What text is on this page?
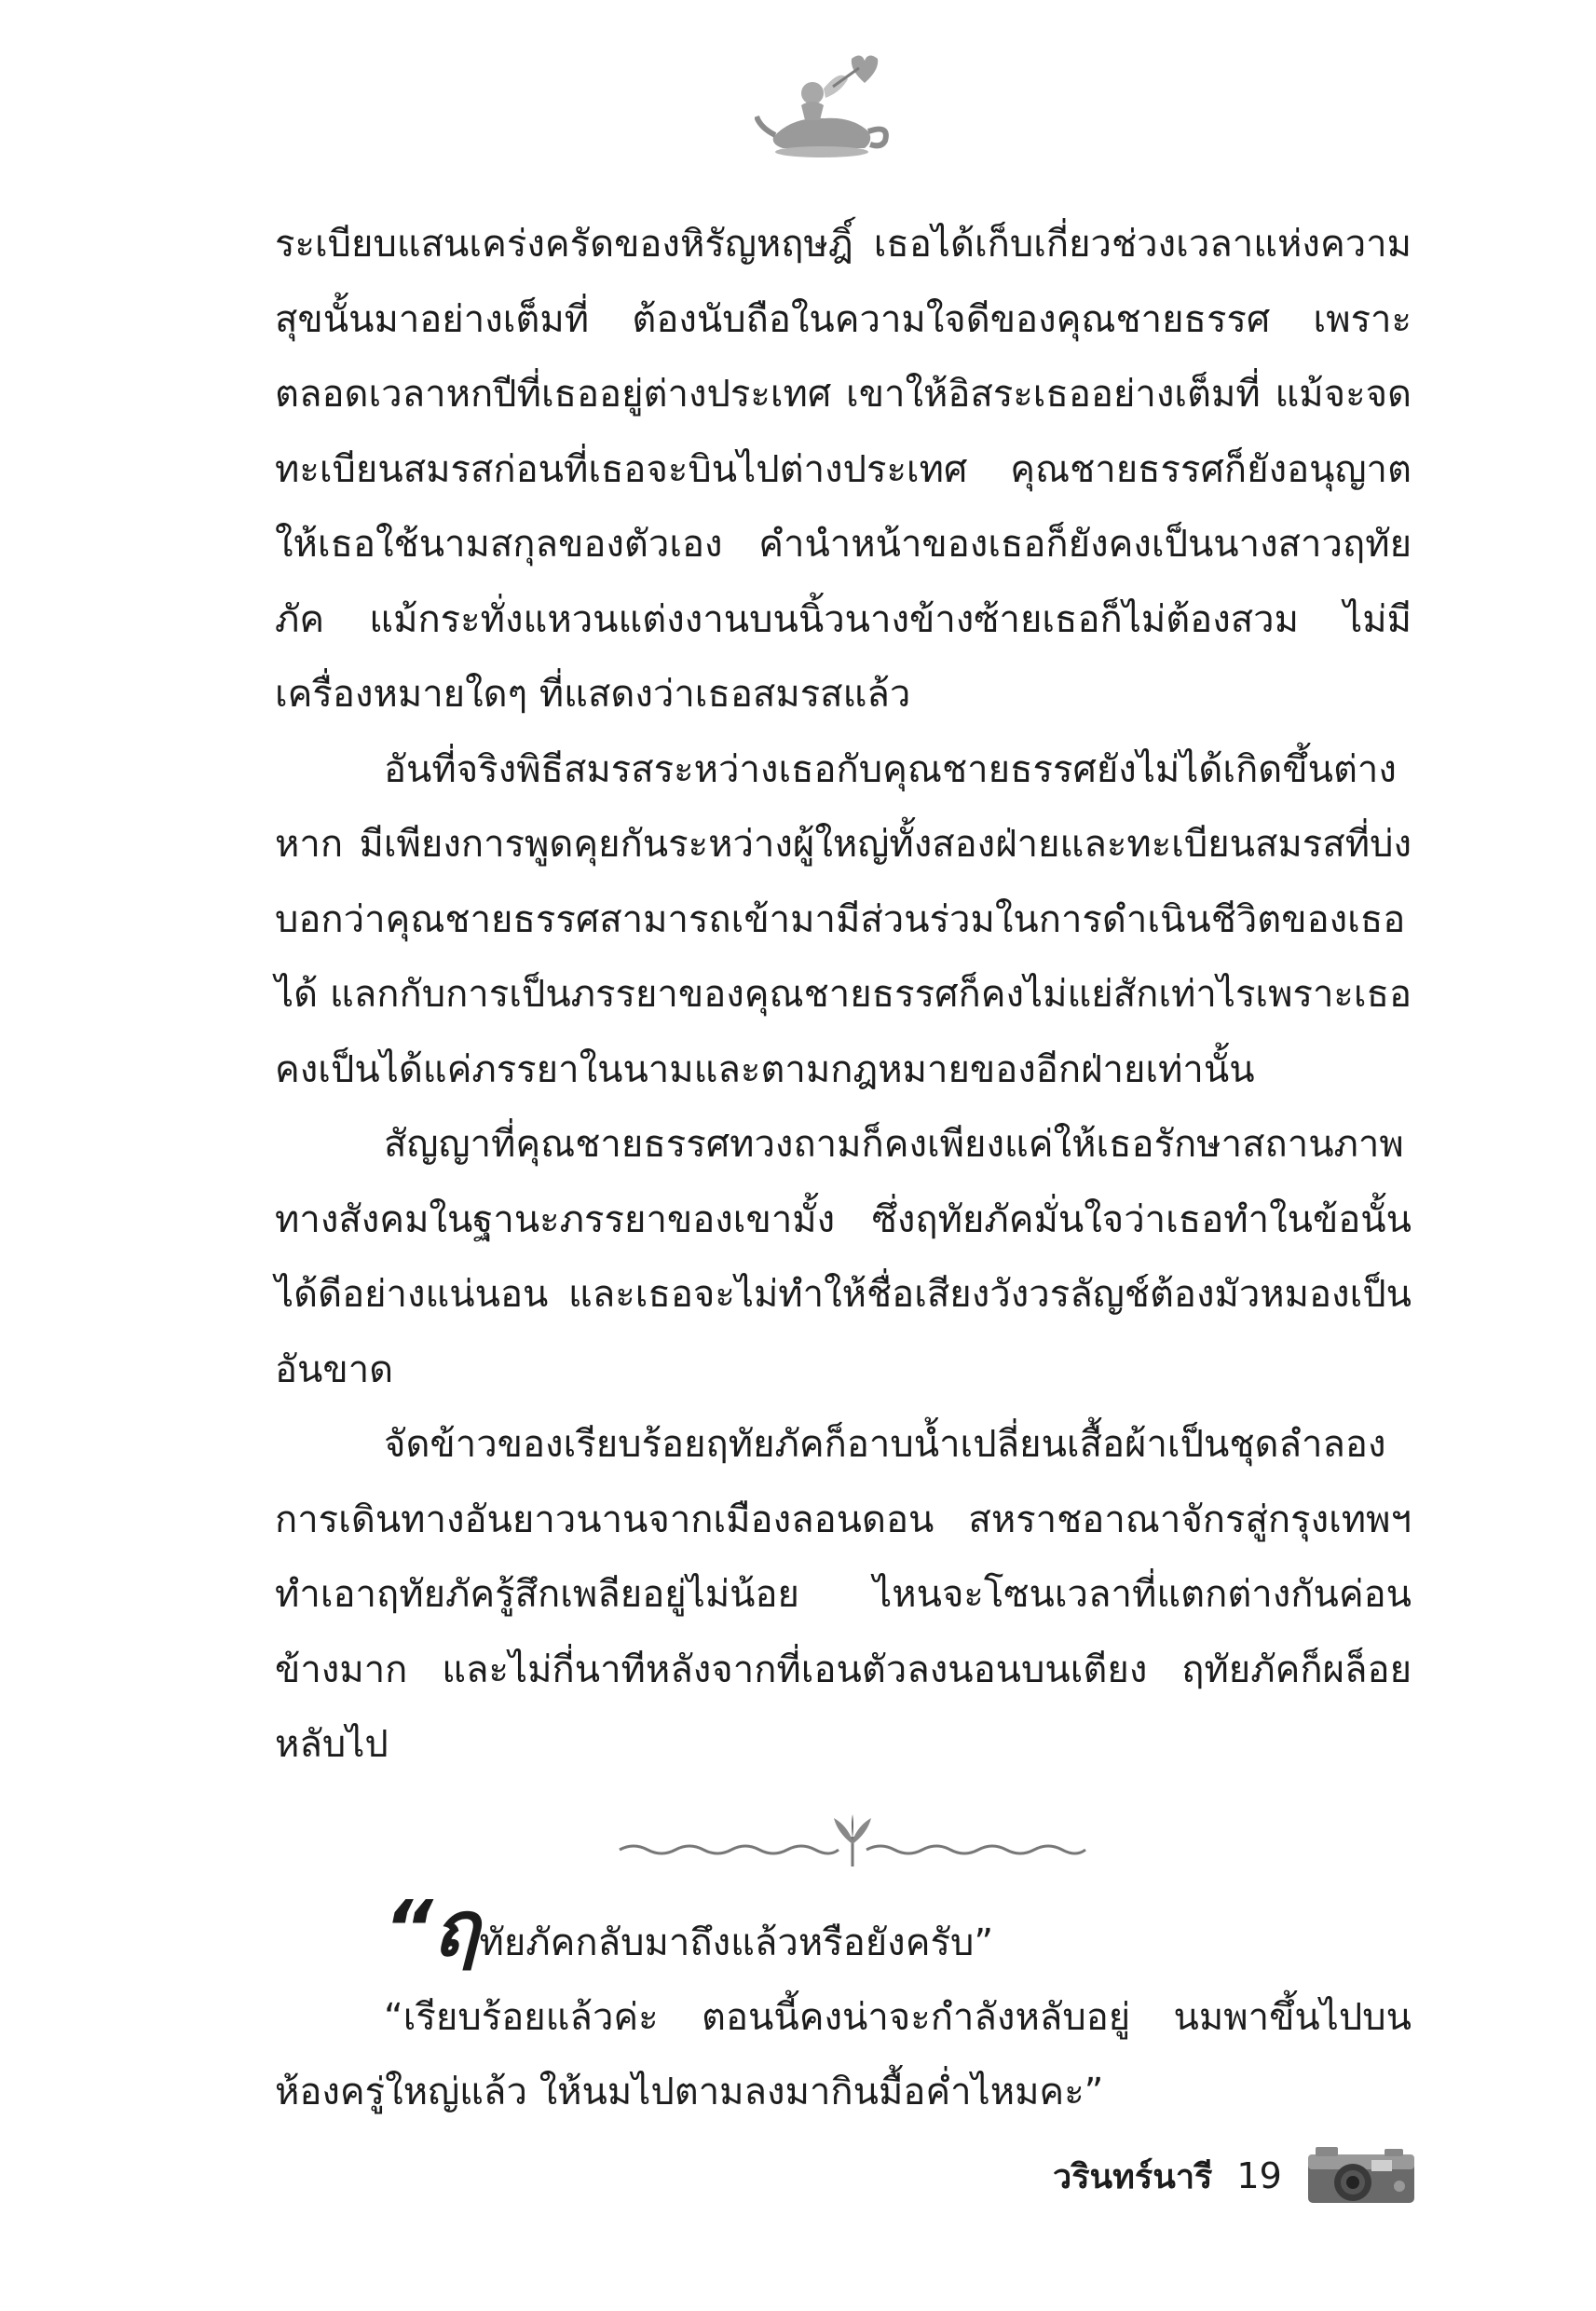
ระเบียบแสนเคร่งครัดของหิรัญหฤษฎิ์ เธอได้เก็บเกี่ยวช่วงเวลาแห่งความสุขนั้นมาอย่างเต็มที่ ต้องนับถือในความใจดีของคุณชายธรรศ เพราะตลอดเวลาหกปีที่เธออยู่ต่างประเทศ เขาให้อิสระเธออย่างเต็มที่ แม้จะจดทะเบียนสมรสก่อนที่เธอจะบินไปต่างประเทศ คุณชายธรรศก็ยังอนุญาตให้เธอใช้นามสกุลของตัวเอง คำนำหน้าของเธอก็ยังคงเป็นนางสาวฤทัยภัค แม้กระทั่งแหวนแต่งงานบนนิ้วนางข้างซ้ายเธอก็ไม่ต้องสวม ไม่มีเครื่องหมายใดๆ ที่แสดงว่าเธอสมรสแล้ว

อันที่จริงพิธีสมรสระหว่างเธอกับคุณชายธรรศยังไม่ได้เกิดขึ้นต่างหาก มีเพียงการพูดคุยกันระหว่างผู้ใหญ่ทั้งสองฝ่ายและทะเบียนสมรสที่บ่งบอกว่าคุณชายธรรศสามารถเข้ามามีส่วนร่วมในการดำเนินชีวิตของเธอได้ แลกกับการเป็นภรรยาของคุณชายธรรศก็คงไม่แย่สักเท่าไรเพราะเธอคงเป็นได้แค่ภรรยาในนามและตามกฎหมายของอีกฝ่ายเท่านั้น

สัญญาที่คุณชายธรรศทวงถามก็คงเพียงแค่ให้เธอรักษาสถานภาพทางสังคมในฐานะภรรยาของเขามั้ง ซึ่งฤทัยภัคมั่นใจว่าเธอทำในข้อนั้นได้ดีอย่างแน่นอน และเธอจะไม่ทำให้ชื่อเสียงวังวรลัญช์ต้องมัวหมองเป็นอันขาด

จัดข้าวของเรียบร้อยฤทัยภัคก็อาบน้ำเปลี่ยนเสื้อผ้าเป็นชุดลำลองการเดินทางอันยาวนานจากเมืองลอนดอน สหราชอาณาจักรสู่กรุงเทพฯ ทำเอาฤทัยภัครู้สึกเพลียอยู่ไม่น้อย ไหนจะโซนเวลาที่แตกต่างกันค่อนข้างมาก และไม่กี่นาทีหลังจากที่เอนตัวลงนอนบนเตียง ฤทัยภัคก็ผล็อยหลับไป

“ฤทัยภัคกลับมาถึงแล้วหรือยังครับ”

“เรียบร้อยแล้วค่ะ ตอนนี้คงน่าจะกำลังหลับอยู่ นมพาขึ้นไปบนห้องครู่ใหญ่แล้ว ให้นมไปตามลงมากินมื้อค่ำไหมคะ”

วรินทร์นารี 19
